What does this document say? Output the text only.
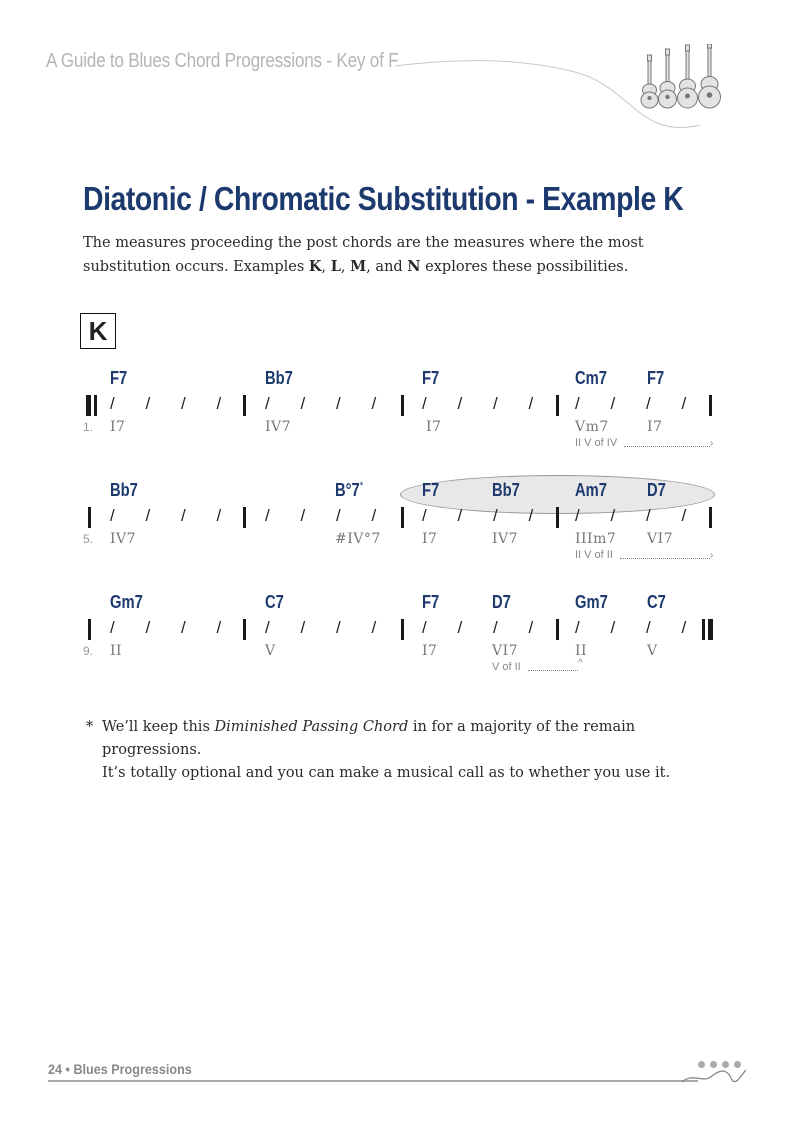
A Guide to Blues Chord Progressions - Key of F
Diatonic / Chromatic Substitution - Example K
The measures proceeding the post chords are the measures where the most substitution occurs. Examples K, L, M, and N explores these possibilities.
K
F7	Bb7	F7	Cm7 F7
/ / / /	/ / / /	/ / / / / / / /
1. I7	IV7	I7	Vm7	I7
II V of IV	›
Bb7	B°7*	F7	Bb7	Am7 D7
/ / / /	/ / / /	/ / / / / / / /
5. IV7	#IV°7	I7	IV7	IIIm7 VI7
II V of II	›
Gm7	C7	F7	D7	Gm7 C7
/ / / /	/ / / /	/ / / / / / / /
9. II	V	I7	VI7	II	V
V of II	^
* We’ll keep this Diminished Passing Chord in for a majority of the remain progressions.
It’s totally optional and you can make a musical call as to whether you use it.
24 • Blues Progressions
